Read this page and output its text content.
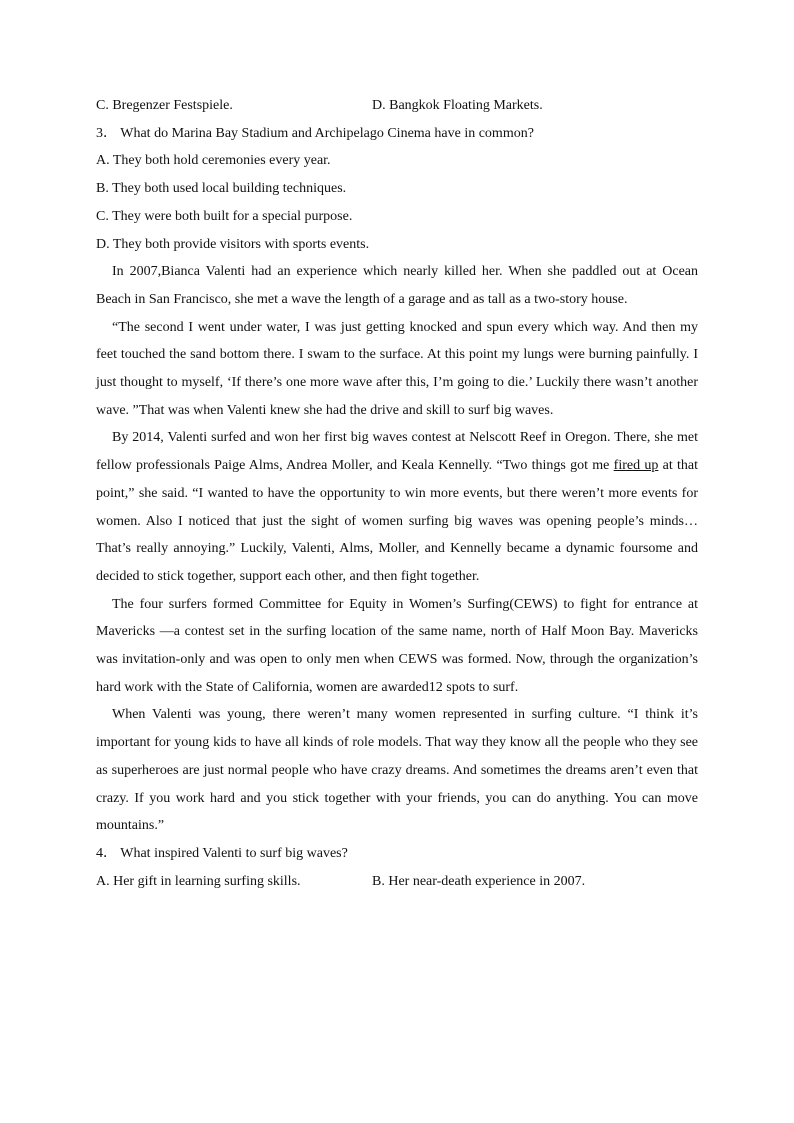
C. Bregenzer Festspiele.	D. Bangkok Floating Markets.
3． What do Marina Bay Stadium and Archipelago Cinema have in common?
A. They both hold ceremonies every year.
B. They both used local building techniques.
C. They were both built for a special purpose.
D. They both provide visitors with sports events.

In 2007,Bianca Valenti had an experience which nearly killed her. When she paddled out at Ocean Beach in San Francisco, she met a wave the length of a garage and as tall as a two-story house.

“The second I went under water, I was just getting knocked and spun every which way. And then my feet touched the sand bottom there. I swam to the surface. At this point my lungs were burning painfully. I just thought to myself, ‘If there’s one more wave after this, I’m going to die.’ Luckily there wasn’t another wave. ”That was when Valenti knew she had the drive and skill to surf big waves.

By 2014, Valenti surfed and won her first big waves contest at Nelscott Reef in Oregon. There, she met fellow professionals Paige Alms, Andrea Moller, and Keala Kennelly. “Two things got me fired up at that point,” she said. “I wanted to have the opportunity to win more events, but there weren’t more events for women. Also I noticed that just the sight of women surfing big waves was opening people’s minds… That’s really annoying.” Luckily, Valenti, Alms, Moller, and Kennelly became a dynamic foursome and decided to stick together, support each other, and then fight together.

The four surfers formed Committee for Equity in Women’s Surfing(CEWS) to fight for entrance at Mavericks —a contest set in the surfing location of the same name, north of Half Moon Bay. Mavericks was invitation-only and was open to only men when CEWS was formed. Now, through the organization’s hard work with the State of California, women are awarded12 spots to surf.

When Valenti was young, there weren’t many women represented in surfing culture. “I think it’s important for young kids to have all kinds of role models. That way they know all the people who they see as superheroes are just normal people who have crazy dreams. And sometimes the dreams aren’t even that crazy. If you work hard and you stick together with your friends, you can do anything. You can move mountains.”

4． What inspired Valenti to surf big waves?
A. Her gift in learning surfing skills.	B. Her near-death experience in 2007.
